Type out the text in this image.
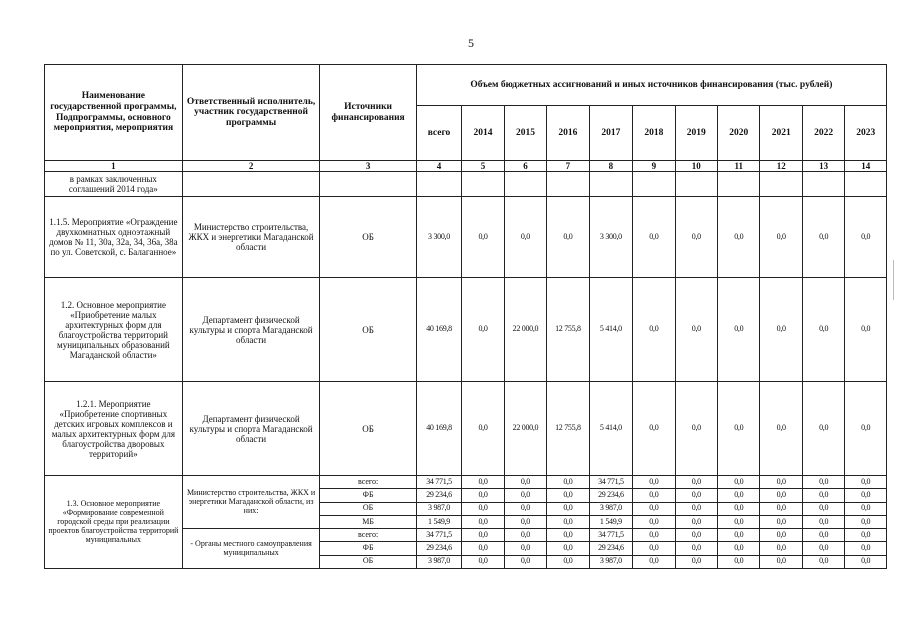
5
Наименование государственной программы, Подпрограммы, основного мероприятия, мероприятия	Ответственный исполнитель, участник государственной программы	Источники финансирования	Объем бюджетных ассигнований и иных источников финансирования (тыс. рублей)										
			всего	2014	2015	2016	2017	2018	2019	2020	2021	2022	2023
1	2	3	4	5	6	7	8	9	10	11	12	13	14
в рамках заключенных соглашений 2014 года»													
1.1.5. Мероприятие «Ограждение двухкомнатных одноэтажный домов № 11, 30а, 32а, 34, 36а, 38а по ул. Советской, с. Балаганное»	Министерство строительства, ЖКХ и энергетики Магаданской области	ОБ	3 300,0	0,0	0,0	0,0	3 300,0	0,0	0,0	0,0	0,0	0,0	0,0
1.2. Основное мероприятие «Приобретение малых архитектурных форм для благоустройства территорий муниципальных образований Магаданской области»	Департамент физической культуры и спорта Магаданской области	ОБ	40 169,8	0,0	22 000,0	12 755,8	5 414,0	0,0	0,0	0,0	0,0	0,0	0,0
1.2.1. Мероприятие «Приобретение спортивных детских игровых комплексов и малых архитектурных форм для благоустройства дворовых территорий»	Департамент физической культуры и спорта Магаданской области	ОБ	40 169,8	0,0	22 000,0	12 755,8	5 414,0	0,0	0,0	0,0	0,0	0,0	0,0
1.3. Основное мероприятие «Формирование современной городской среды при реализации проектов благоустройства территорий муниципальных	Министерство строительства, ЖКХ и энергетики Магаданской области, из них:	всего:	34 771,5	0,0	0,0	0,0	34 771,5	0,0	0,0	0,0	0,0	0,0	0,0
		ФБ	29 234,6	0,0	0,0	0,0	29 234,6	0,0	0,0	0,0	0,0	0,0	0,0
		ОБ	3 987,0	0,0	0,0	0,0	3 987,0	0,0	0,0	0,0	0,0	0,0	0,0
		МБ	1 549,9	0,0	0,0	0,0	1 549,9	0,0	0,0	0,0	0,0	0,0	0,0
	- Органы местного самоуправления муниципальных	всего:	34 771,5	0,0	0,0	0,0	34 771,5	0,0	0,0	0,0	0,0	0,0	0,0
		ФБ	29 234,6	0,0	0,0	0,0	29 234,6	0,0	0,0	0,0	0,0	0,0	0,0
		ОБ	3 987,0	0,0	0,0	0,0	3 987,0	0,0	0,0	0,0	0,0	0,0	0,0
